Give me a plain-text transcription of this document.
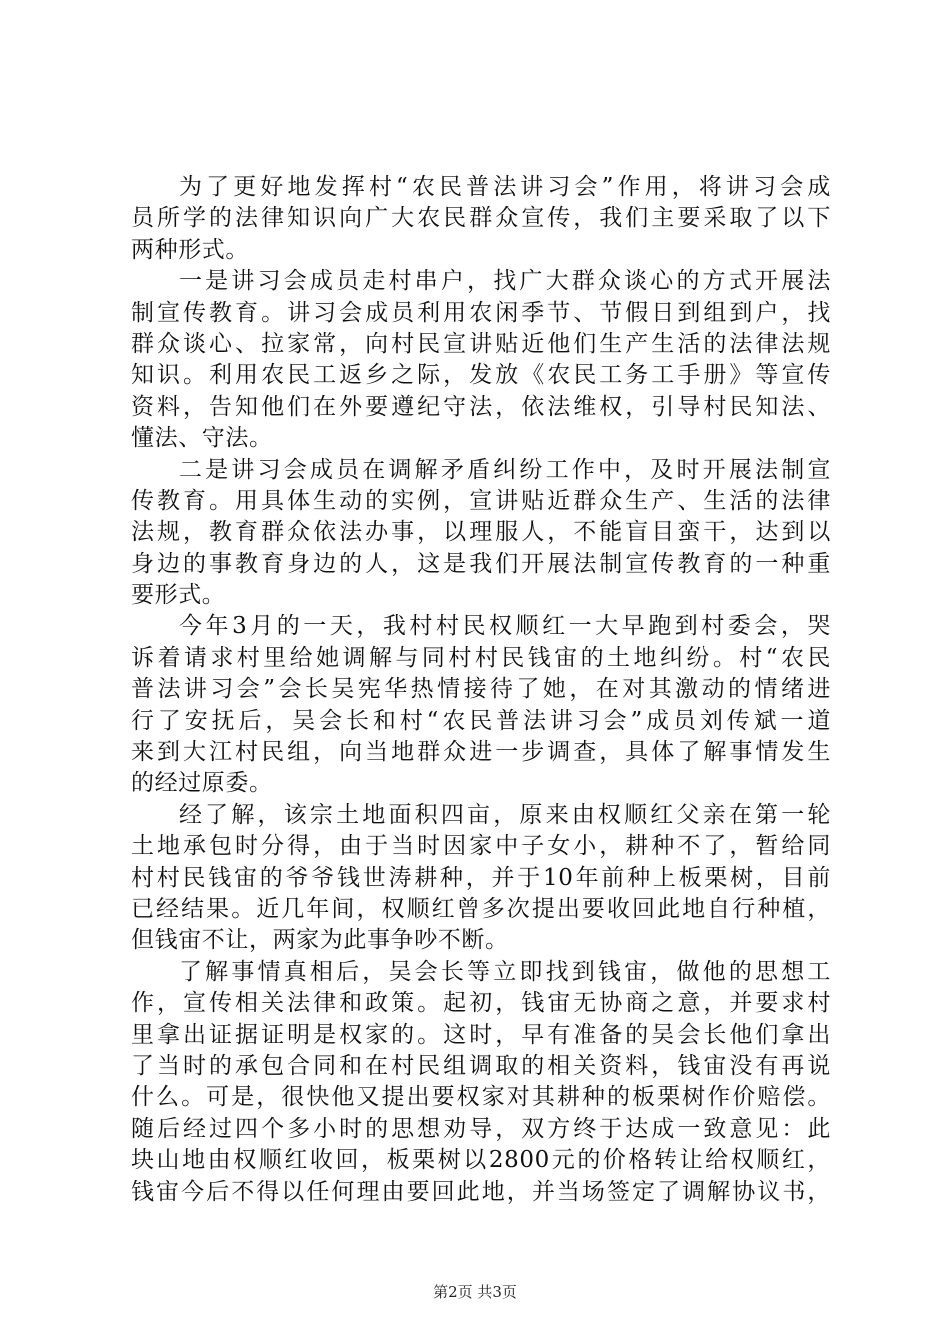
为了更好地发挥村“农民普法讲习会”作用，将讲习会成
员所学的法律知识向广大农民群众宣传，我们主要采取了以下
两种形式。
一是讲习会成员走村串户，找广大群众谈心的方式开展法
制宣传教育。讲习会成员利用农闲季节、节假日到组到户，找
群众谈心、拉家常，向村民宣讲贴近他们生产生活的法律法规
知识。利用农民工返乡之际，发放《农民工务工手册》等宣传
资料，告知他们在外要遵纪守法，依法维权，引导村民知法、
懂法、守法。
二是讲习会成员在调解矛盾纠纷工作中，及时开展法制宣
传教育。用具体生动的实例，宣讲贴近群众生产、生活的法律
法规，教育群众依法办事，以理服人，不能盲目蛮干，达到以
身边的事教育身边的人，这是我们开展法制宣传教育的一种重
要形式。
今年3月的一天，我村村民权顺红一大早跑到村委会，哭
诉着请求村里给她调解与同村村民钱宙的土地纠纷。村“农民
普法讲习会”会长吴宪华热情接待了她，在对其激动的情绪进
行了安抚后，吴会长和村“农民普法讲习会”成员刘传斌一道
来到大江村民组，向当地群众进一步调查，具体了解事情发生
的经过原委。
经了解，该宗土地面积四亩，原来由权顺红父亲在第一轮
土地承包时分得，由于当时因家中子女小，耕种不了，暂给同
村村民钱宙的爷爷钱世涛耕种，并于10年前种上板栗树，目前
已经结果。近几年间，权顺红曾多次提出要收回此地自行种植，
但钱宙不让，两家为此事争吵不断。
了解事情真相后，吴会长等立即找到钱宙，做他的思想工
作，宣传相关法律和政策。起初，钱宙无协商之意，并要求村
里拿出证据证明是权家的。这时，早有准备的吴会长他们拿出
了当时的承包合同和在村民组调取的相关资料，钱宙没有再说
什么。可是，很快他又提出要权家对其耕种的板栗树作价赔偿。
随后经过四个多小时的思想劝导，双方终于达成一致意见：此
块山地由权顺红收回，板栗树以2800元的价格转让给权顺红，
钱宙今后不得以任何理由要回此地，并当场签定了调解协议书，
第2页 共3页
